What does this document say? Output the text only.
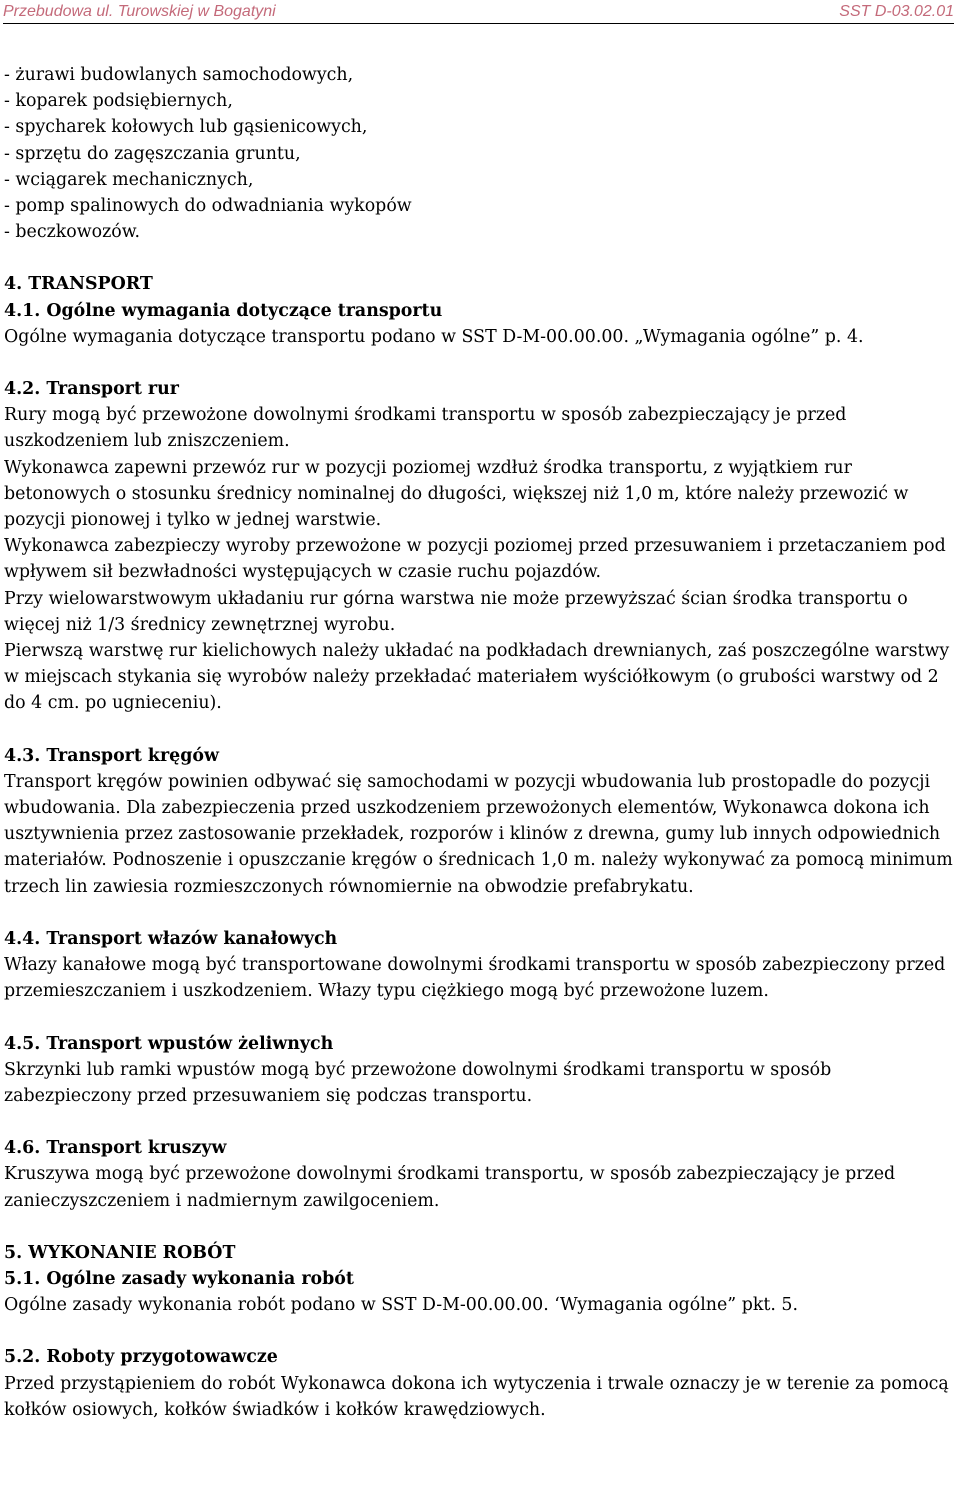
Przebudowa ul. Turowskiej w Bogatyni	SST D-03.02.01

- żurawi budowlanych samochodowych,

- koparek podsiębiernych,

- spycharek kołowych lub gąsienicowych,

- sprzętu do zagęszczania gruntu,

- wciągarek mechanicznych,

- pomp spalinowych do odwadniania wykopów

- beczkowozów.

4. TRANSPORT

4.1. Ogólne wymagania dotyczące transportu

Ogólne wymagania dotyczące transportu podano w SST D-M-00.00.00. „Wymagania ogólne” p. 4.

4.2. Transport rur

Rury mogą być przewożone dowolnymi środkami transportu w sposób zabezpieczający je przed uszkodzeniem lub zniszczeniem.

Wykonawca zapewni przewóz rur w pozycji poziomej wzdłuż środka transportu, z wyjątkiem rur betonowych o stosunku średnicy nominalnej do długości, większej niż 1,0 m, które należy przewozić w pozycji pionowej i tylko w jednej warstwie.

Wykonawca zabezpieczy wyroby przewożone w pozycji poziomej przed przesuwaniem i przetaczaniem pod wpływem sił bezwładności występujących w czasie ruchu pojazdów.

Przy wielowarstwowym układaniu rur górna warstwa nie może przewyższać ścian środka transportu o więcej niż 1/3 średnicy zewnętrznej wyrobu.

Pierwszą warstwę rur kielichowych należy układać na podkładach drewnianych, zaś poszczególne warstwy w miejscach stykania się wyrobów należy przekładać materiałem wyściółkowym (o grubości warstwy od 2 do 4 cm. po ugnieceniu).

4.3. Transport kręgów

Transport kręgów powinien odbywać się samochodami w pozycji wbudowania lub prostopadle do pozycji wbudowania. Dla zabezpieczenia przed uszkodzeniem przewożonych elementów, Wykonawca dokona ich usztywnienia przez zastosowanie przekładek, rozporów i klinów z drewna, gumy lub innych odpowiednich materiałów. Podnoszenie i opuszczanie kręgów o średnicach 1,0 m. należy wykonywać za pomocą minimum trzech lin zawiesia rozmieszczonych równomiernie na obwodzie prefabrykatu.

4.4. Transport włazów kanałowych

Włazy kanałowe mogą być transportowane dowolnymi środkami transportu w sposób zabezpieczony przed przemieszczaniem i uszkodzeniem. Włazy typu ciężkiego mogą być przewożone luzem.

4.5. Transport wpustów żeliwnych

Skrzynki lub ramki wpustów mogą być przewożone dowolnymi środkami transportu w sposób zabezpieczony przed przesuwaniem się podczas transportu.

4.6. Transport kruszyw

Kruszywa mogą być przewożone dowolnymi środkami transportu, w sposób zabezpieczający je przed zanieczyszczeniem i nadmiernym zawilgoceniem.

5. WYKONANIE ROBÓT

5.1. Ogólne zasady wykonania robót

Ogólne zasady wykonania robót podano w SST D-M-00.00.00. ‘Wymagania ogólne” pkt. 5.

5.2. Roboty przygotowawcze

Przed przystąpieniem do robót Wykonawca dokona ich wytyczenia i trwale oznaczy je w terenie za pomocą kołków osiowych, kołków świadków i kołków krawędziowych.
